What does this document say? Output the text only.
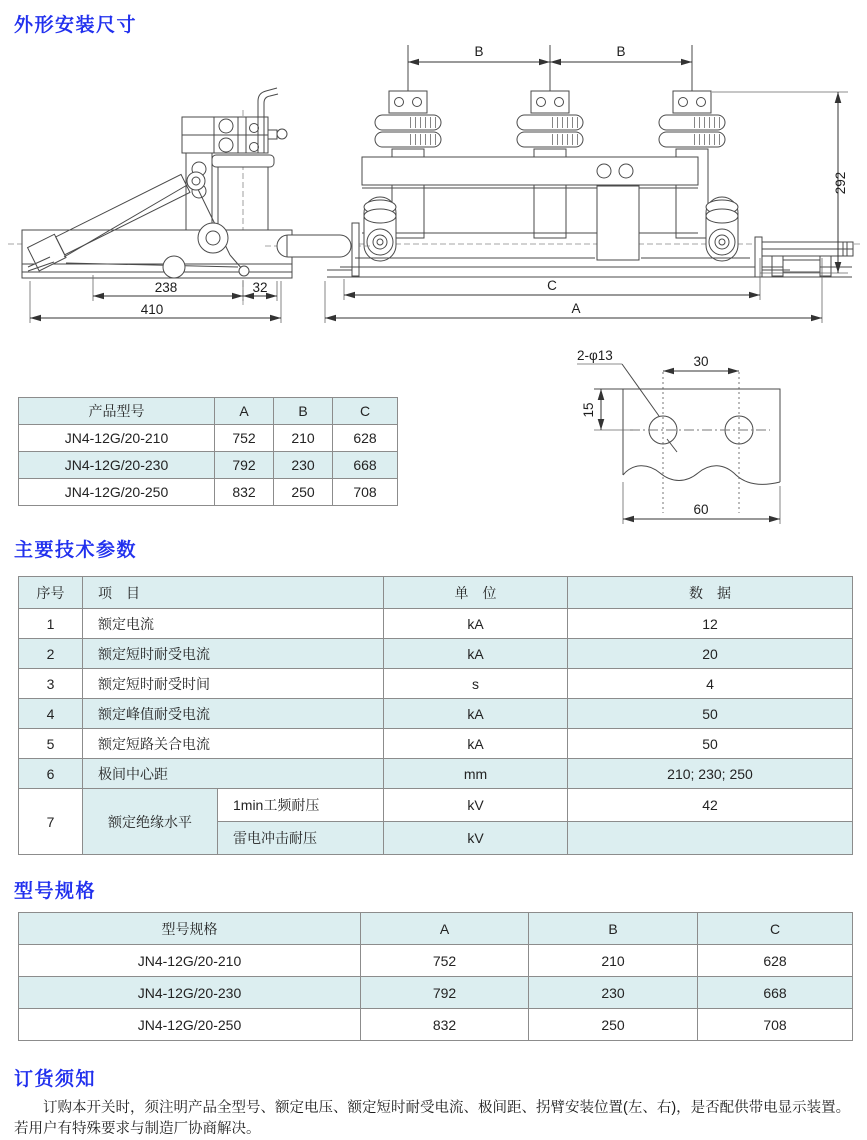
外形安装尺寸
238	32
410
B	B
292
C
A
2-φ13	30
15
60
产品型号	A	B	C
JN4-12G/20-210	752	210	628
JN4-12G/20-230	792	230	668
JN4-12G/20-250	832	250	708
主要技术参数
序号	项　目		单　位	数　据
1	额定电流		kA	12
2	额定短时耐受电流		kA	20
3	额定短时耐受时间		s	4
4	额定峰值耐受电流		kA	50
5	额定短路关合电流		kA	50
6	极间中心距		mm	210; 230; 250
7	额定绝缘水平	1min工频耐压	kV	42
		雷电冲击耐压	kV	
型号规格
型号规格	A	B	C
JN4-12G/20-210	752	210	628
JN4-12G/20-230	792	230	668
JN4-12G/20-250	832	250	708
订货须知

订购本开关时，须注明产品全型号、额定电压、额定短时耐受电流、极间距、拐臂安装位置(左、右)，是否配供带电显示装置。若用户有特殊要求与制造厂协商解决。
